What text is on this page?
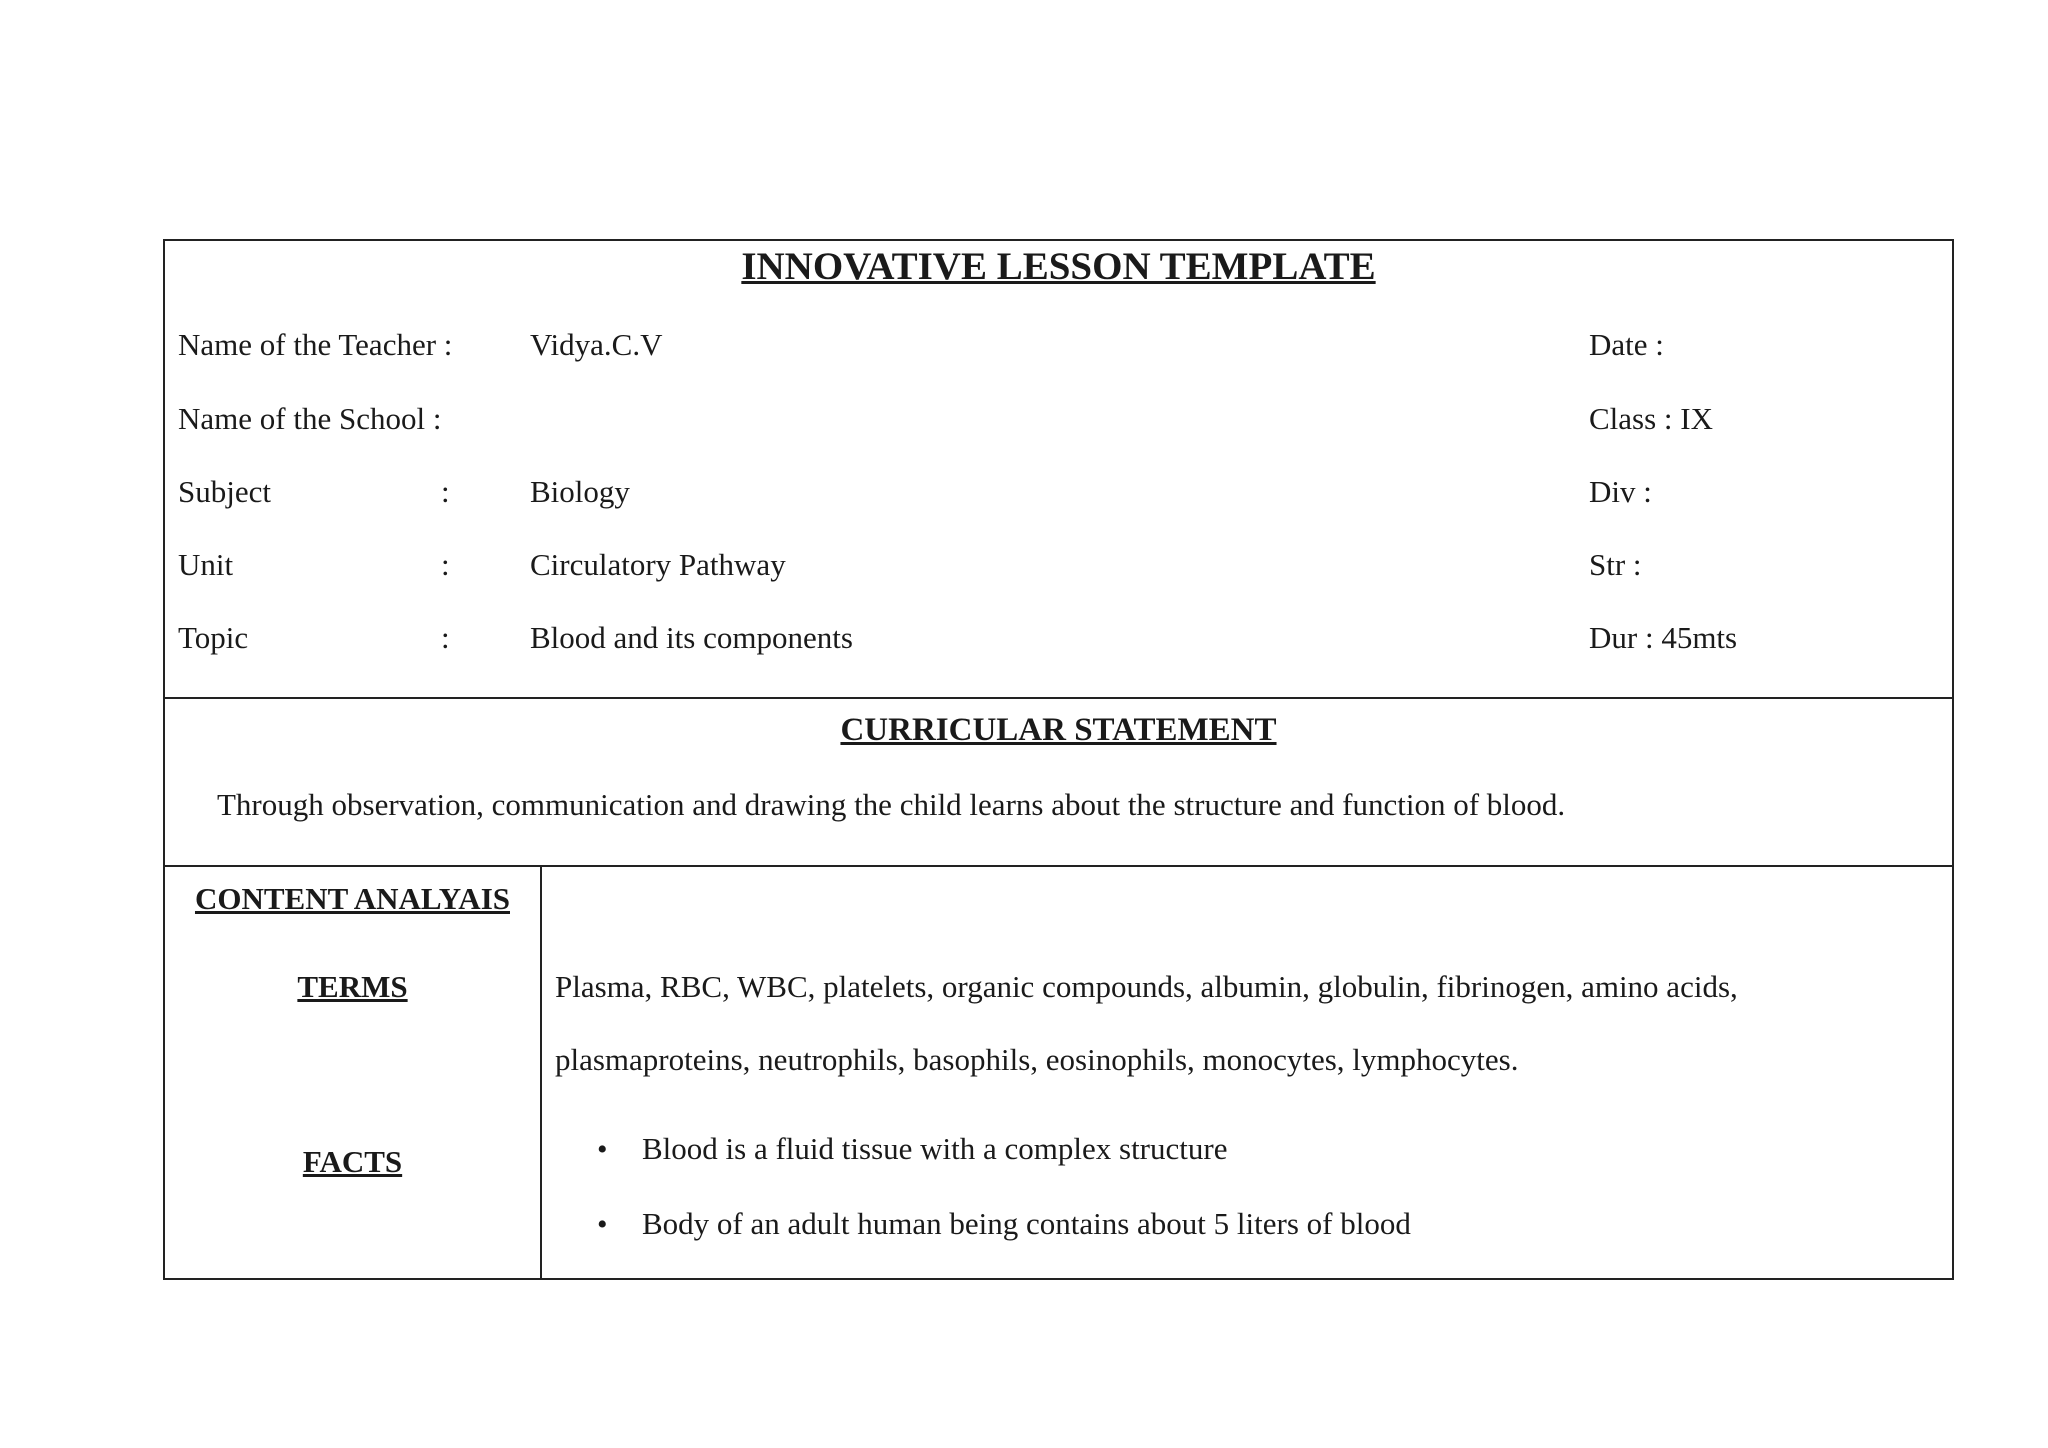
INNOVATIVE LESSON TEMPLATE
Name of the Teacher :	Vidya.C.V	Date :
Name of the School :	Class : IX
Subject	:	Biology	Div :
Unit	:	Circulatory Pathway	Str :
Topic	:	Blood and its components	Dur : 45mts
CURRICULAR STATEMENT
Through observation, communication and drawing the child learns about the structure and function of blood.
CONTENT ANALYAIS
TERMS
FACTS
Plasma, RBC, WBC, platelets, organic compounds, albumin, globulin, fibrinogen, amino acids,
plasmaproteins, neutrophils, basophils, eosinophils, monocytes, lymphocytes.
• Blood is a fluid tissue with a complex structure
• Body of an adult human being contains about 5 liters of blood
